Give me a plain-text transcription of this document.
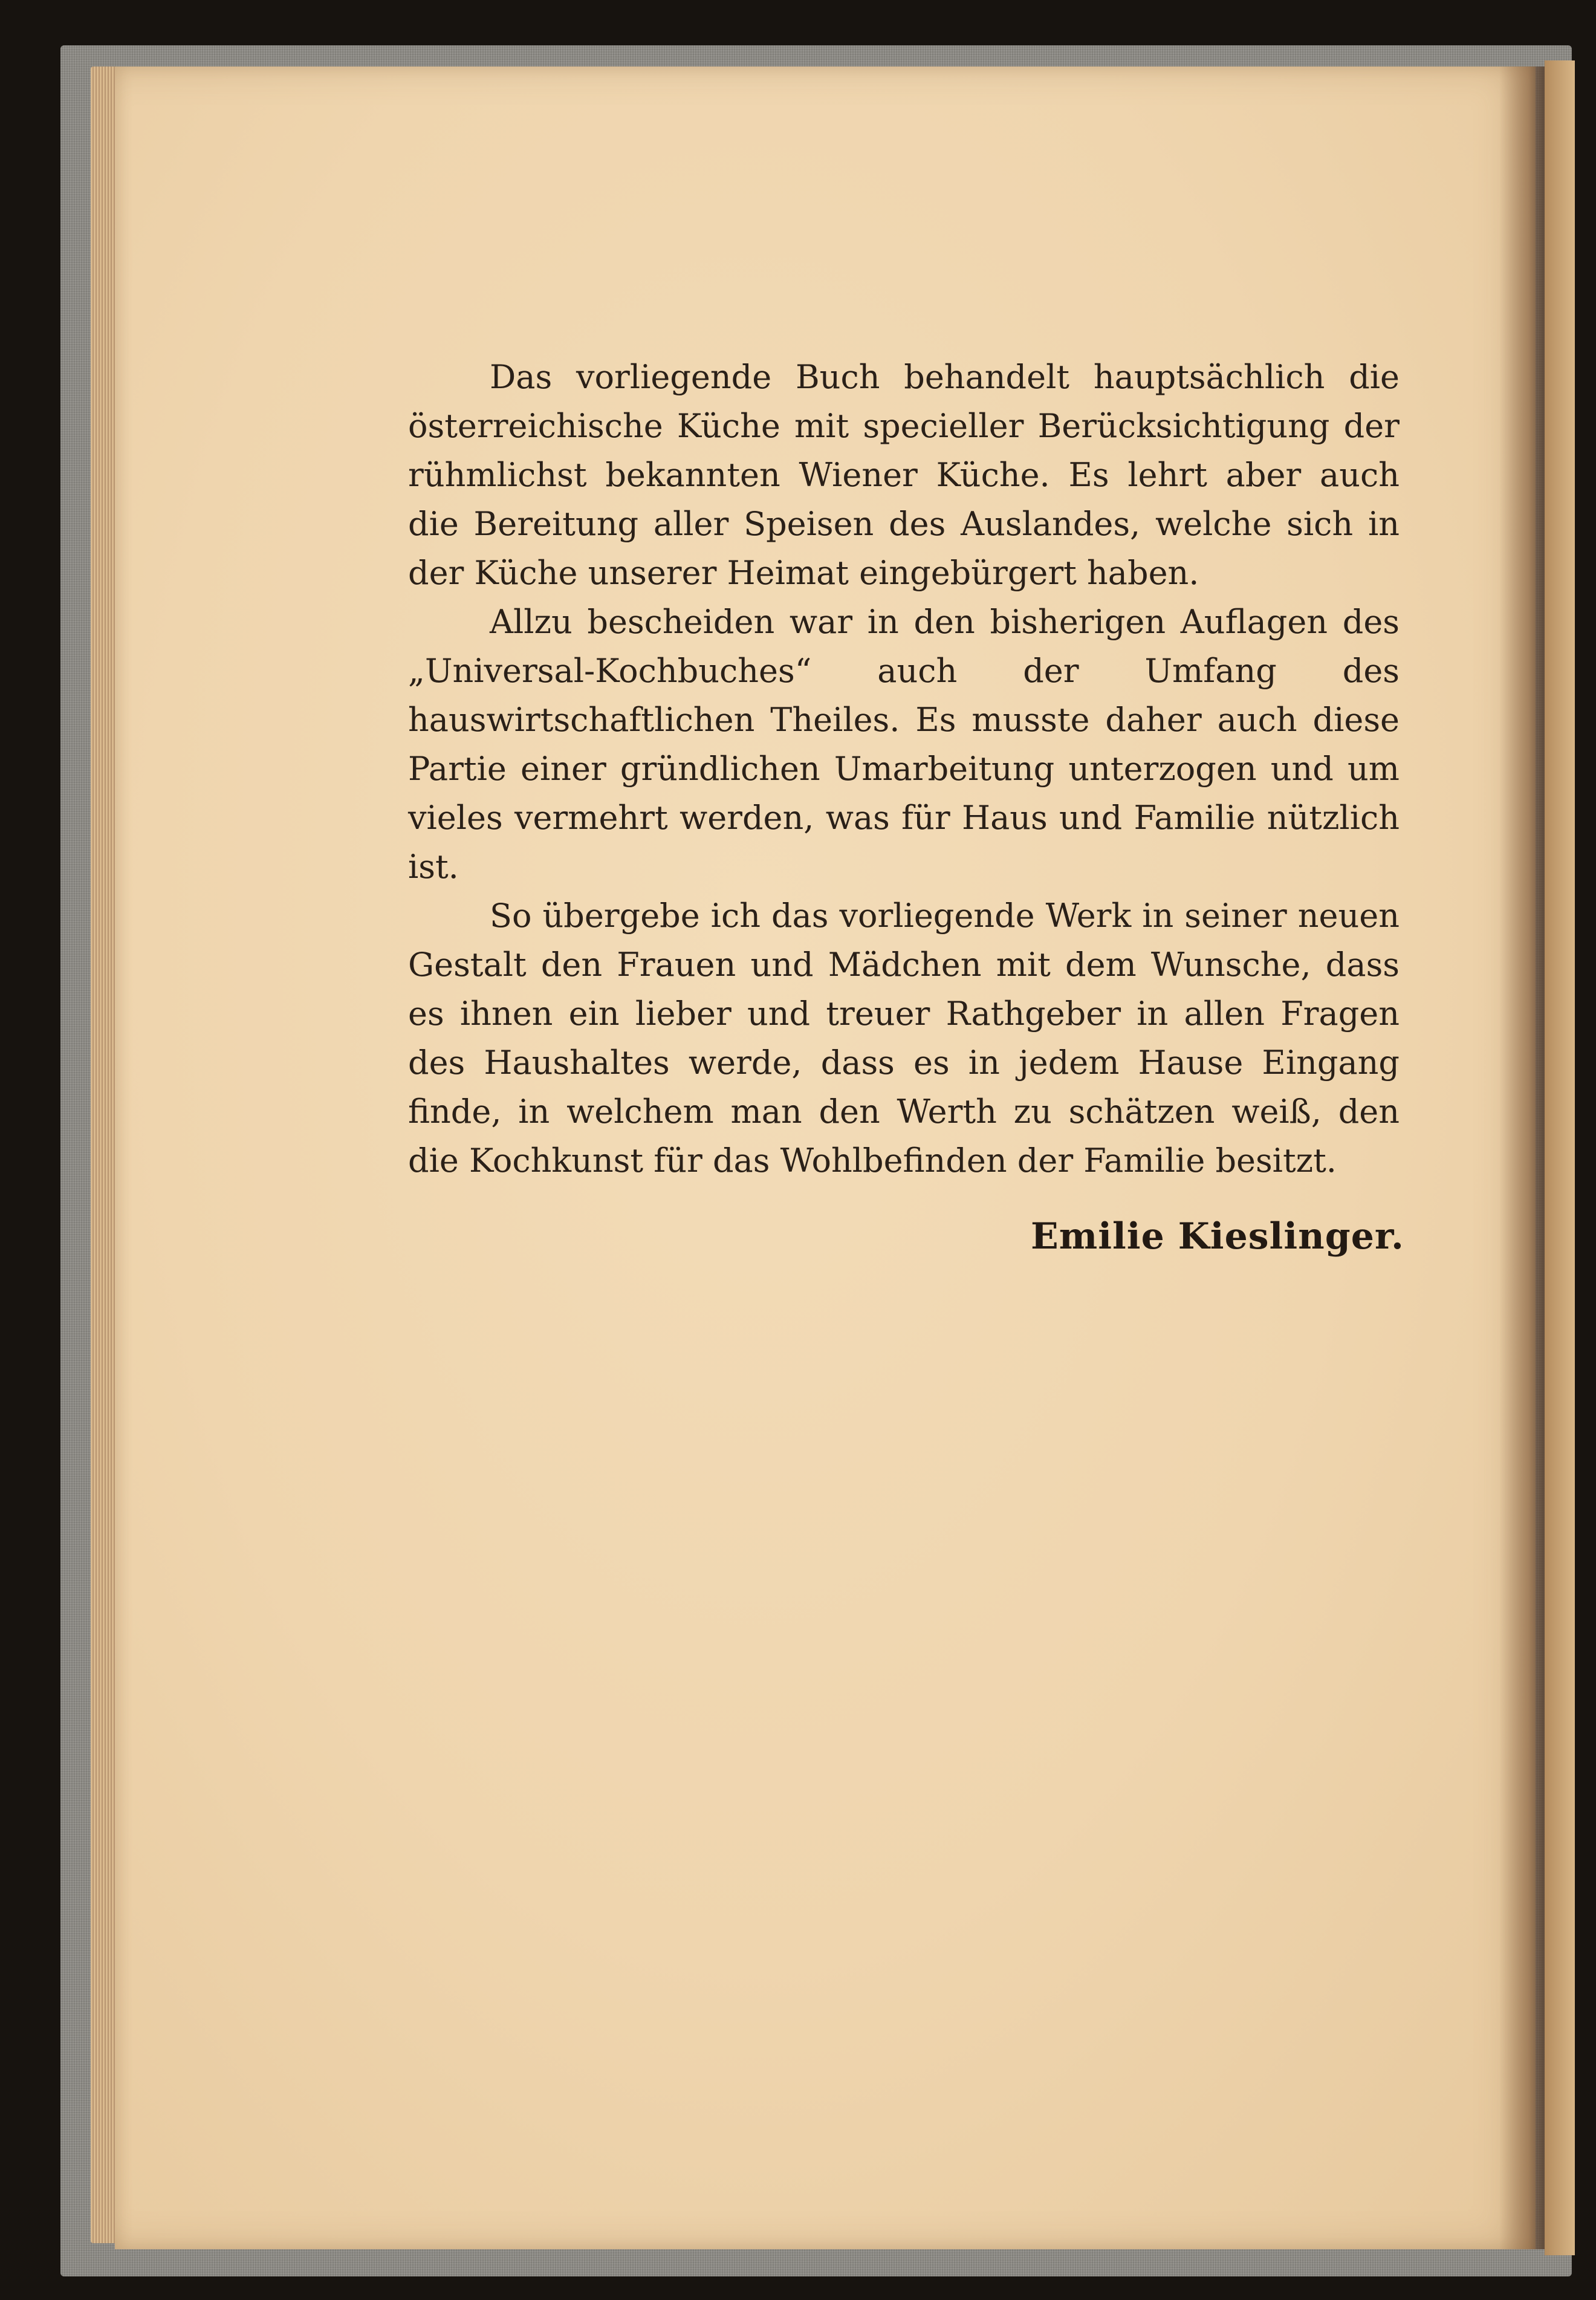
Das vorliegende Buch behandelt hauptsächlich die österreichische Küche mit specieller Berücksichtigung der rühmlichst bekannten Wiener Küche. Es lehrt aber auch die Bereitung aller Speisen des Auslandes, welche sich in der Küche unserer Heimat eingebürgert haben.

Allzu bescheiden war in den bisherigen Auflagen des „Universal-Kochbuches“ auch der Umfang des hauswirtschaftlichen Theiles. Es musste daher auch diese Partie einer gründlichen Umarbeitung unterzogen und um vieles vermehrt werden, was für Haus und Familie nützlich ist.

So übergebe ich das vorliegende Werk in seiner neuen Gestalt den Frauen und Mädchen mit dem Wunsche, dass es ihnen ein lieber und treuer Rathgeber in allen Fragen des Haushaltes werde, dass es in jedem Hause Eingang finde, in welchem man den Werth zu schätzen weiß, den die Kochkunst für das Wohlbefinden der Familie besitzt.

Emilie Kieslinger.
